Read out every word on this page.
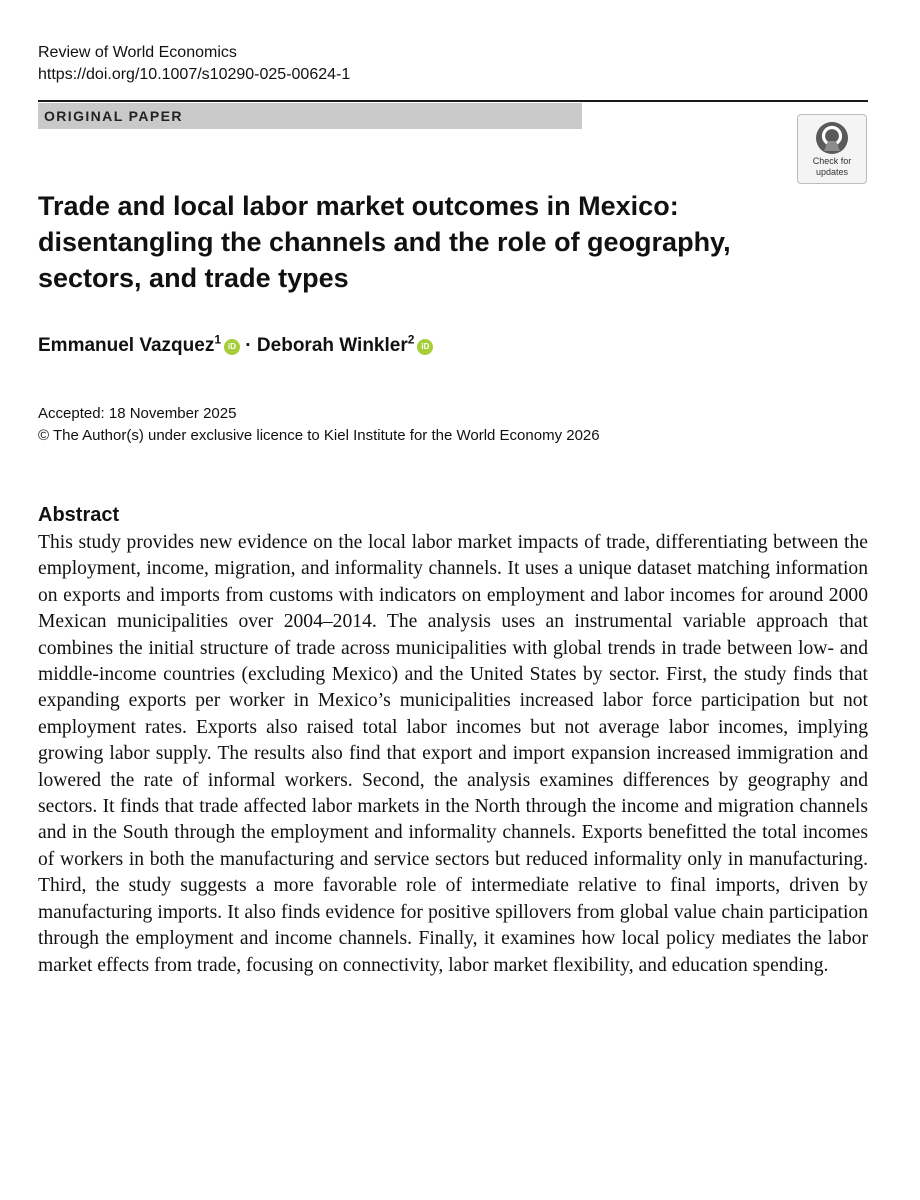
Review of World Economics
https://doi.org/10.1007/s10290-025-00624-1
ORIGINAL PAPER
Check for
updates
Trade and local labor market outcomes in Mexico: disentangling the channels and the role of geography, sectors, and trade types
Emmanuel Vazquez$^1$ iD · Deborah Winkler$^2$ iD
Accepted: 18 November 2025
© The Author(s) under exclusive licence to Kiel Institute for the World Economy 2026
Abstract

This study provides new evidence on the local labor market impacts of trade, differentiating between the employment, income, migration, and informality channels. It uses a unique dataset matching information on exports and imports from customs with indicators on employment and labor incomes for around 2000 Mexican municipalities over 2004–2014. The analysis uses an instrumental variable approach that combines the initial structure of trade across municipalities with global trends in trade between low- and middle-income countries (excluding Mexico) and the United States by sector. First, the study finds that expanding exports per worker in Mexico’s municipalities increased labor force participation but not employment rates. Exports also raised total labor incomes but not average labor incomes, implying growing labor supply. The results also find that export and import expansion increased immigration and lowered the rate of informal workers. Second, the analysis examines differences by geography and sectors. It finds that trade affected labor markets in the North through the income and migration channels and in the South through the employment and informality channels. Exports benefitted the total incomes of workers in both the manufacturing and service sectors but reduced informality only in manufacturing. Third, the study suggests a more favorable role of intermediate relative to final imports, driven by manufacturing imports. It also finds evidence for positive spillovers from global value chain participation through the employment and income channels. Finally, it examines how local policy mediates the labor market effects from trade, focusing on connectivity, labor market flexibility, and education spending.
